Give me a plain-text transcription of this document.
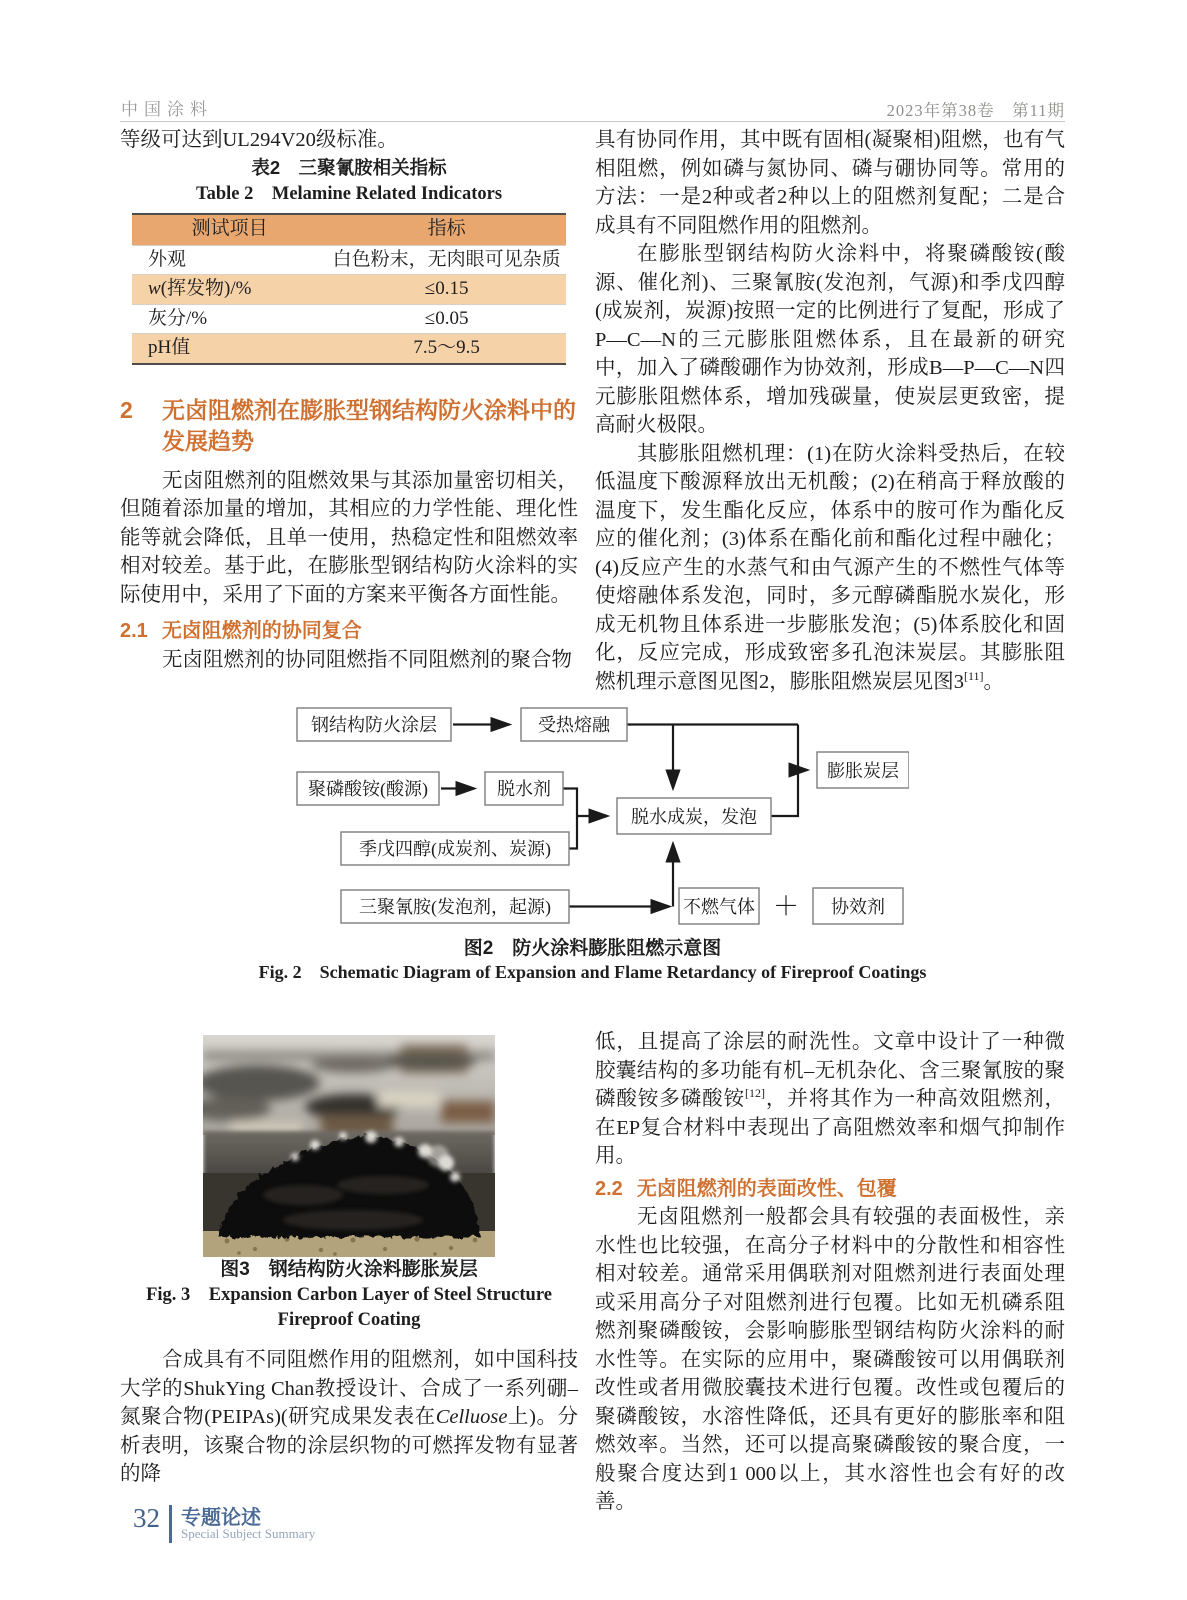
中国涂料	2023年第38卷　第11期

等级可达到UL294V20级标准。

表2　三聚氰胺相关指标

Table 2　Melamine Related Indicators

测试项目	指标
外观	白色粉末，无肉眼可见杂质
w(挥发物)/%	≤0.15
灰分/%	≤0.05
pH值	7.5～9.5
2	无卤阻燃剂在膨胀型钢结构防火涂料中的发展趋势

无卤阻燃剂的阻燃效果与其添加量密切相关，但随着添加量的增加，其相应的力学性能、理化性能等就会降低，且单一使用，热稳定性和阻燃效率相对较差。基于此，在膨胀型钢结构防火涂料的实际使用中，采用了下面的方案来平衡各方面性能。

2.1 无卤阻燃剂的协同复合

无卤阻燃剂的协同阻燃指不同阻燃剂的聚合物

具有协同作用，其中既有固相(凝聚相)阻燃，也有气相阻燃，例如磷与氮协同、磷与硼协同等。常用的方法：一是2种或者2种以上的阻燃剂复配；二是合成具有不同阻燃作用的阻燃剂。

在膨胀型钢结构防火涂料中，将聚磷酸铵(酸源、催化剂)、三聚氰胺(发泡剂，气源)和季戊四醇(成炭剂，炭源)按照一定的比例进行了复配，形成了P—C—N的三元膨胀阻燃体系，且在最新的研究中，加入了磷酸硼作为协效剂，形成B—P—C—N四元膨胀阻燃体系，增加残碳量，使炭层更致密，提高耐火极限。

其膨胀阻燃机理：(1)在防火涂料受热后，在较低温度下酸源释放出无机酸；(2)在稍高于释放酸的温度下，发生酯化反应，体系中的胺可作为酯化反应的催化剂；(3)体系在酯化前和酯化过程中融化；(4)反应产生的水蒸气和由气源产生的不燃性气体等使熔融体系发泡，同时，多元醇磷酯脱水炭化，形成无机物且体系进一步膨胀发泡；(5)体系胶化和固化，反应完成，形成致密多孔泡沫炭层。其膨胀阻燃机理示意图见图2，膨胀阻燃炭层见图3[11]。

钢结构防火涂层	受热熔融
聚磷酸铵(酸源)	脱水剂
季戊四醇(成炭剂、炭源)
三聚氰胺(发泡剂，起源)
脱水成炭，发泡
膨胀炭层
不燃气体 ＋ 协效剂
图2　防火涂料膨胀阻燃示意图
Fig. 2　Schematic Diagram of Expansion and Flame Retardancy of Fireproof Coatings

图3　钢结构防火涂料膨胀炭层

Fig. 3　Expansion Carbon Layer of Steel Structure

Fireproof Coating

合成具有不同阻燃作用的阻燃剂，如中国科技大学的ShukYing Chan教授设计、合成了一系列硼–氮聚合物(PEIPAs)(研究成果发表在Celluose上)。分析表明，该聚合物的涂层织物的可燃挥发物有显著的降

低，且提高了涂层的耐洗性。文章中设计了一种微胶囊结构的多功能有机–无机杂化、含三聚氰胺的聚磷酸铵多磷酸铵[12]，并将其作为一种高效阻燃剂，在EP复合材料中表现出了高阻燃效率和烟气抑制作用。

2.2 无卤阻燃剂的表面改性、包覆

无卤阻燃剂一般都会具有较强的表面极性，亲水性也比较强，在高分子材料中的分散性和相容性相对较差。通常采用偶联剂对阻燃剂进行表面处理或采用高分子对阻燃剂进行包覆。比如无机磷系阻燃剂聚磷酸铵，会影响膨胀型钢结构防火涂料的耐水性等。在实际的应用中，聚磷酸铵可以用偶联剂改性或者用微胶囊技术进行包覆。改性或包覆后的聚磷酸铵，水溶性降低，还具有更好的膨胀率和阻燃效率。当然，还可以提高聚磷酸铵的聚合度，一般聚合度达到1 000以上，其水溶性也会有好的改善。

32 专题论述
Special Subject Summary
